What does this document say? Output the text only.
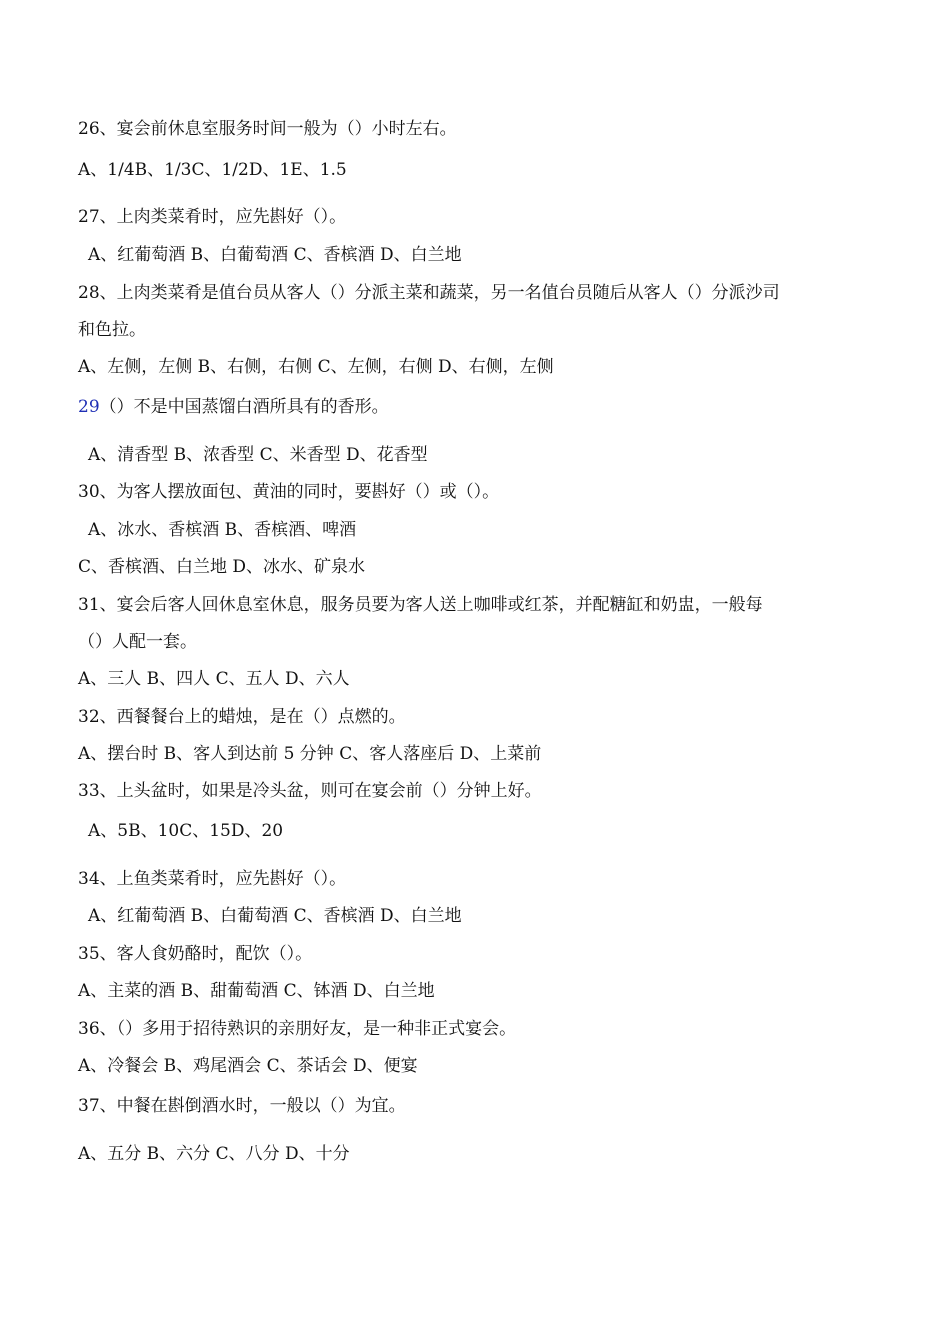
26、宴会前休息室服务时间一般为（）小时左右。
A、1/4B、1/3C、1/2D、1E、1.5
27、上肉类菜肴时，应先斟好（）。
A、红葡萄酒 B、白葡萄酒 C、香槟酒 D、白兰地
28、上肉类菜肴是值台员从客人（）分派主菜和蔬菜，另一名值台员随后从客人（）分派沙司
和色拉。
A、左侧，左侧 B、右侧，右侧 C、左侧，右侧 D、右侧，左侧
29（）不是中国蒸馏白酒所具有的香形。
A、清香型 B、浓香型 C、米香型 D、花香型
30、为客人摆放面包、黄油的同时，要斟好（）或（）。
A、冰水、香槟酒 B、香槟酒、啤酒
C、香槟酒、白兰地 D、冰水、矿泉水
31、宴会后客人回休息室休息，服务员要为客人送上咖啡或红茶，并配糖缸和奶盅，一般每
（）人配一套。
A、三人 B、四人 C、五人 D、六人
32、西餐餐台上的蜡烛，是在（）点燃的。
A、摆台时 B、客人到达前 5 分钟 C、客人落座后 D、上菜前
33、上头盆时，如果是冷头盆，则可在宴会前（）分钟上好。
A、5B、10C、15D、20
34、上鱼类菜肴时，应先斟好（）。
A、红葡萄酒 B、白葡萄酒 C、香槟酒 D、白兰地
35、客人食奶酪时，配饮（）。
A、主菜的酒 B、甜葡萄酒 C、钵酒 D、白兰地
36、（）多用于招待熟识的亲朋好友，是一种非正式宴会。
A、冷餐会 B、鸡尾酒会 C、茶话会 D、便宴
37、中餐在斟倒酒水时，一般以（）为宜。
A、五分 B、六分 C、八分 D、十分
